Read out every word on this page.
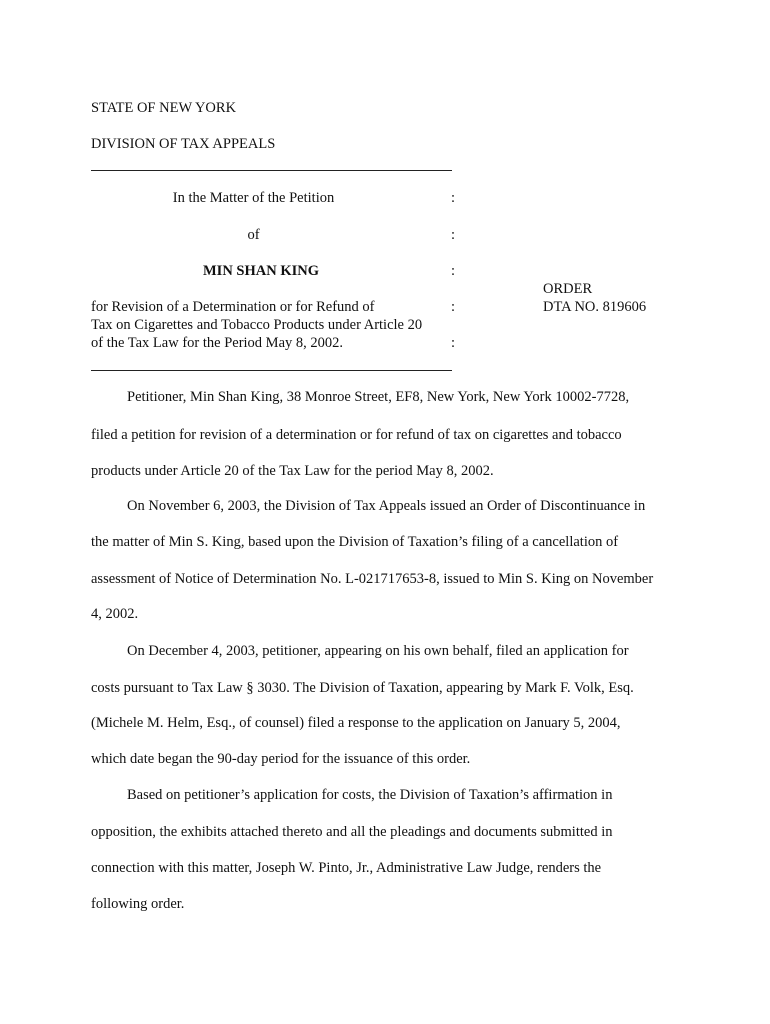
STATE OF NEW YORK
DIVISION OF TAX APPEALS
In the Matter of the Petition	:
of	:
MIN SHAN KING	:
for Revision of a Determination or for Refund of	:
Tax on Cigarettes and Tobacco Products under Article 20
of the Tax Law for the Period May 8, 2002.	:
ORDER
DTA NO. 819606
Petitioner, Min Shan King, 38 Monroe Street, EF8, New York, New York 10002-7728,
filed a petition for revision of a determination or for refund of tax on cigarettes and tobacco
products under Article 20 of the Tax Law for the period May 8, 2002.
On November 6, 2003, the Division of Tax Appeals issued an Order of Discontinuance in
the matter of Min S. King, based upon the Division of Taxation’s filing of a cancellation of
assessment of Notice of Determination No. L-021717653-8, issued to Min S. King on November
4, 2002.
On December 4, 2003, petitioner, appearing on his own behalf, filed an application for
costs pursuant to Tax Law § 3030. The Division of Taxation, appearing by Mark F. Volk, Esq.
(Michele M. Helm, Esq., of counsel) filed a response to the application on January 5, 2004,
which date began the 90-day period for the issuance of this order.
Based on petitioner’s application for costs, the Division of Taxation’s affirmation in
opposition, the exhibits attached thereto and all the pleadings and documents submitted in
connection with this matter, Joseph W. Pinto, Jr., Administrative Law Judge, renders the
following order.
